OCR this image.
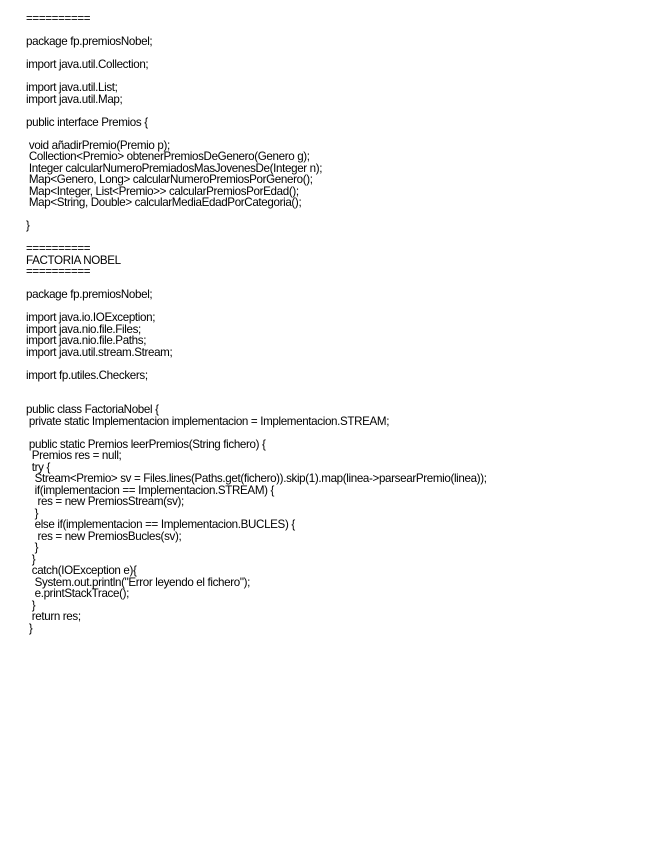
==========
package fp.premiosNobel;
import java.util.Collection;
import java.util.List;
import java.util.Map;
public interface Premios {
void añadirPremio(Premio p);
Collection<Premio> obtenerPremiosDeGenero(Genero g);
Integer calcularNumeroPremiadosMasJovenesDe(Integer n);
Map<Genero, Long> calcularNumeroPremiosPorGenero();
Map<Integer, List<Premio>> calcularPremiosPorEdad();
Map<String, Double> calcularMediaEdadPorCategoria();
}
==========
FACTORIA NOBEL
==========
package fp.premiosNobel;
import java.io.IOException;
import java.nio.file.Files;
import java.nio.file.Paths;
import java.util.stream.Stream;
import fp.utiles.Checkers;
public class FactoriaNobel {
private static Implementacion implementacion = Implementacion.STREAM;
public static Premios leerPremios(String fichero) {
Premios res = null;
try {
Stream<Premio> sv = Files.lines(Paths.get(fichero)).skip(1).map(linea->parsearPremio(linea));
if(implementacion == Implementacion.STREAM) {
res = new PremiosStream(sv);
}
else if(implementacion == Implementacion.BUCLES) {
res = new PremiosBucles(sv);
}
}
catch(IOException e){
System.out.println("Error leyendo el fichero");
e.printStackTrace();
}
return res;
}
